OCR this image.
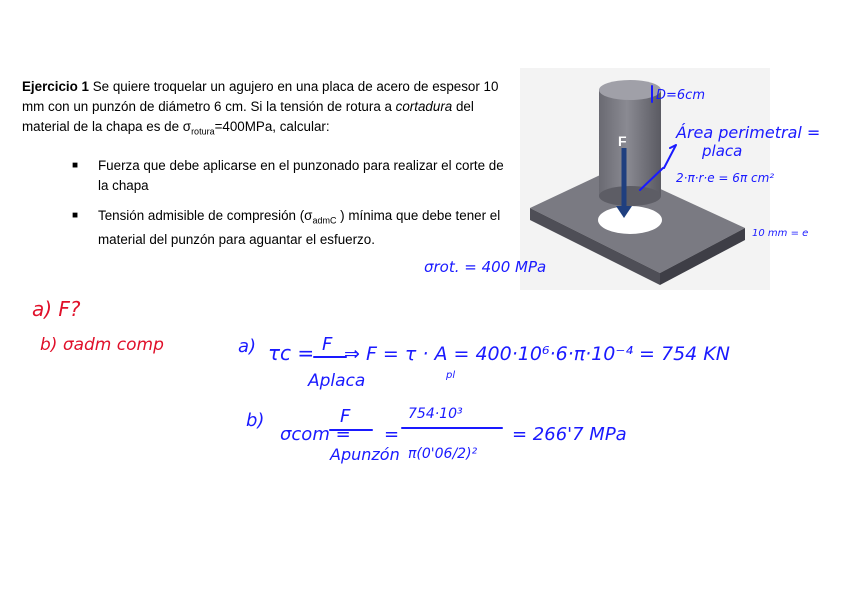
Ejercicio 1 Se quiere troquelar un agujero en una placa de acero de espesor 10 mm con un punzón de diámetro 6 cm. Si la tensión de rotura a cortadura del material de la chapa es de $\sigma_{rotura}=400MPa$, calcular:

■ Fuerza que debe aplicarse en el punzonado para realizar el corte de la chapa
■ Tensión admisible de compresión ($\sigma_{admC}$ ) mínima que debe tener el material del punzón para aguantar el esfuerzo.
F
D=6cm
Área perimetral =
placa
2·π·r·e = 6π cm²
10 mm = e
σrot. = 400 MPa
a) F?
b) σadm comp	a) τc = F
Aplaca
⇒ F = τ · A = 400·10⁶·6·π·10⁻⁴ = 754 KN
pl
b)
σcom =
F
Apunzón
=
754·10³
π(0'06/2)²
= 266'7 MPa
